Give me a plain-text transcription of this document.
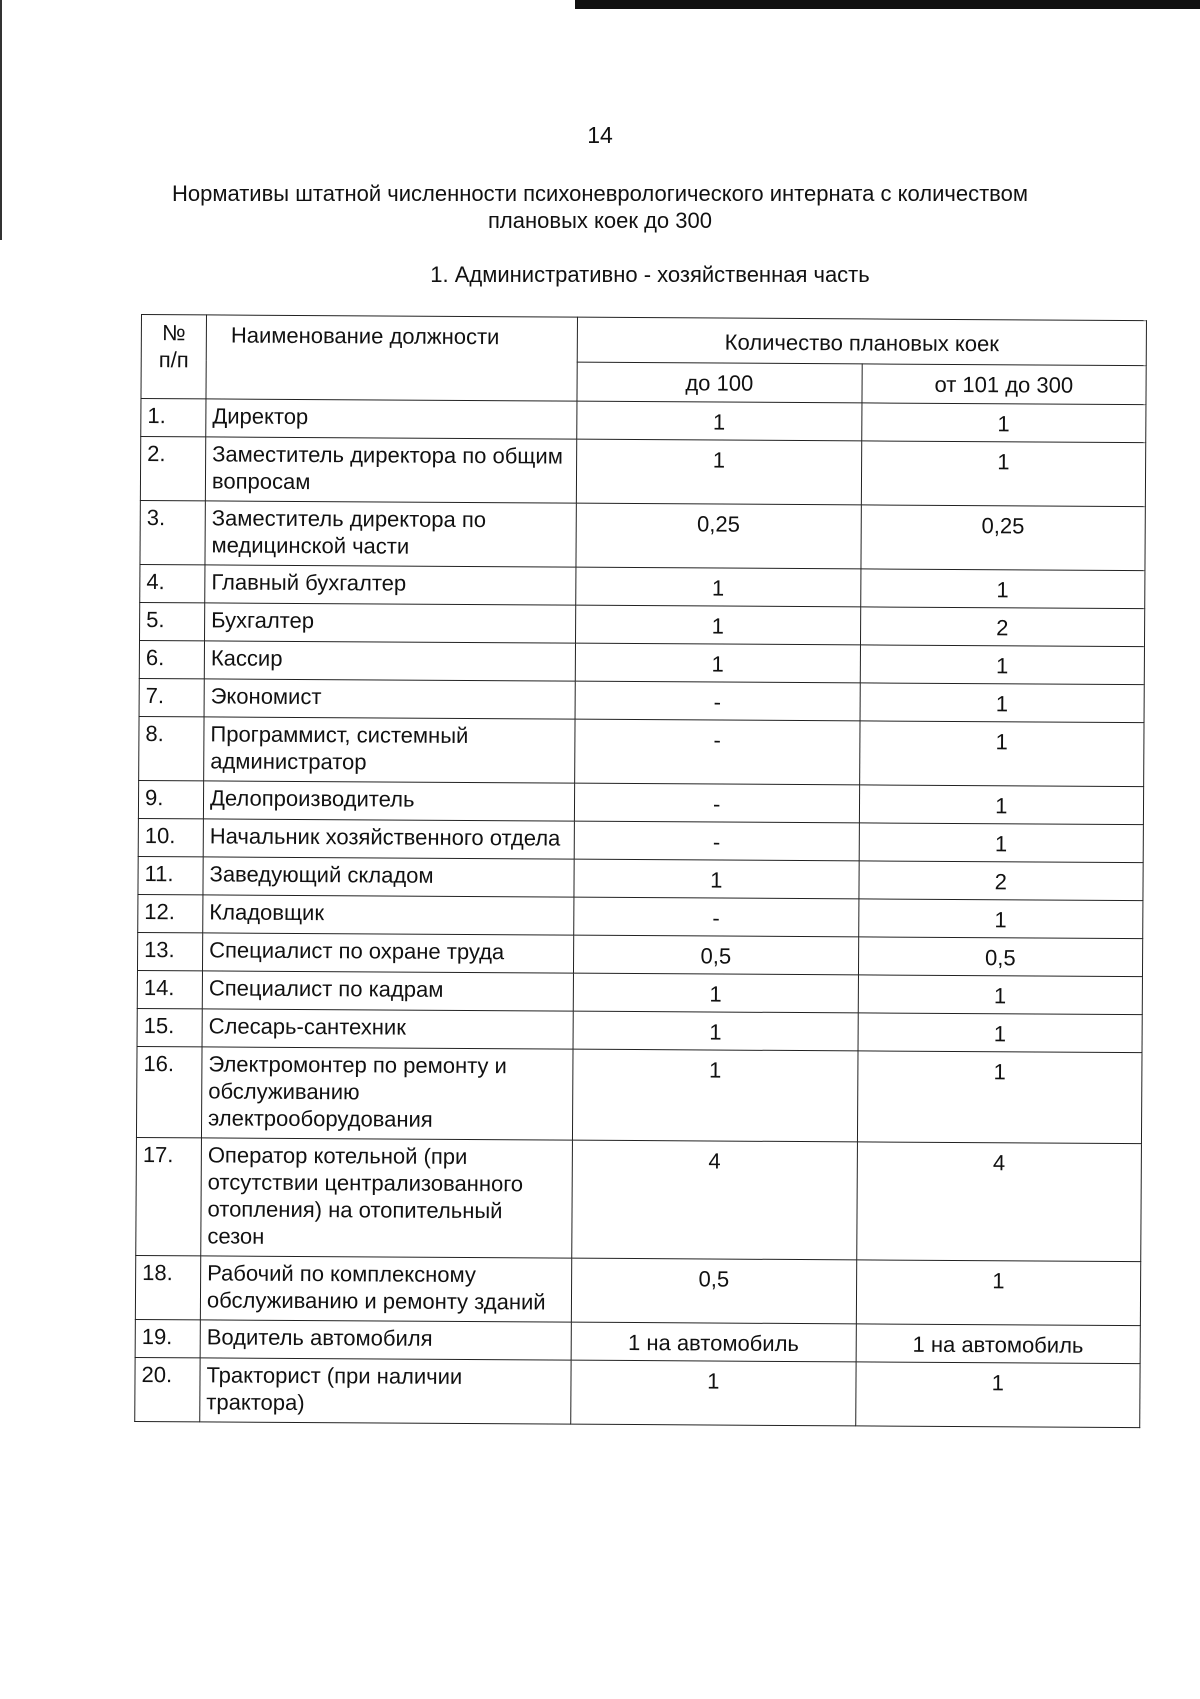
14
Нормативы штатной численности психоневрологического интерната с количеством
плановых коек до 300
1. Административно - хозяйственная часть
№
п/п	Наименование должности	Количество плановых коек	
		до 100	от 101 до 300
1.	Директор	1	1
2.	Заместитель директора по общим вопросам	1	1
3.	Заместитель директора по медицинской части	0,25	0,25
4.	Главный бухгалтер	1	1
5.	Бухгалтер	1	2
6.	Кассир	1	1
7.	Экономист	-	1
8.	Программист, системный администратор	-	1
9.	Делопроизводитель	-	1
10.	Начальник хозяйственного отдела	-	1
11.	Заведующий складом	1	2
12.	Кладовщик	-	1
13.	Специалист по охране труда	0,5	0,5
14.	Специалист по кадрам	1	1
15.	Слесарь-сантехник	1	1
16.	Электромонтер по ремонту и обслуживанию электрооборудования	1	1
17.	Оператор котельной (при отсутствии централизованного отопления) на отопительный сезон	4	4
18.	Рабочий по комплексному обслуживанию и ремонту зданий	0,5	1
19.	Водитель автомобиля	1 на автомобиль	1 на автомобиль
20.	Тракторист (при наличии трактора)	1	1
